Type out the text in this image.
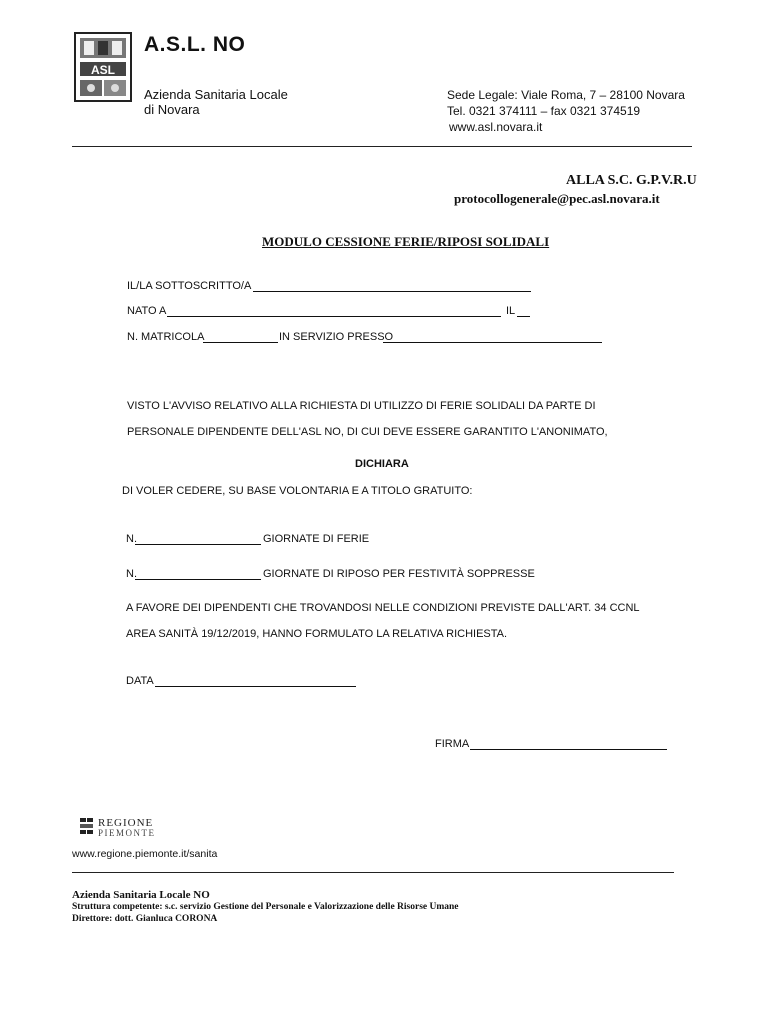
ASL
A.S.L. NO
Azienda Sanitaria Locale
di Novara
Sede Legale: Viale Roma, 7 – 28100 Novara
Tel. 0321 374111 – fax 0321 374519
www.asl.novara.it
ALLA S.C. G.P.V.R.U
protocollogenerale@pec.asl.novara.it
MODULO CESSIONE FERIE/RIPOSI SOLIDALI
IL/LA SOTTOSCRITTO/A
NATO A	IL
N. MATRICOLA	IN SERVIZIO PRESSO
VISTO L'AVVISO RELATIVO ALLA RICHIESTA DI UTILIZZO DI FERIE SOLIDALI DA PARTE DI
PERSONALE DIPENDENTE DELL'ASL NO, DI CUI DEVE ESSERE GARANTITO L'ANONIMATO,
DICHIARA
DI VOLER CEDERE, SU BASE VOLONTARIA E A TITOLO GRATUITO:
N.	GIORNATE DI FERIE
N.	GIORNATE DI RIPOSO PER FESTIVITÀ SOPPRESSE
A FAVORE DEI DIPENDENTI CHE TROVANDOSI NELLE CONDIZIONI PREVISTE DALL'ART. 34 CCNL
AREA SANITÀ 19/12/2019, HANNO FORMULATO LA RELATIVA RICHIESTA.
DATA
FIRMA
REGIONE
PIEMONTE
www.regione.piemonte.it/sanita
Azienda Sanitaria Locale NO
Struttura competente: s.c. servizio Gestione del Personale e Valorizzazione delle Risorse Umane
Direttore: dott. Gianluca CORONA
